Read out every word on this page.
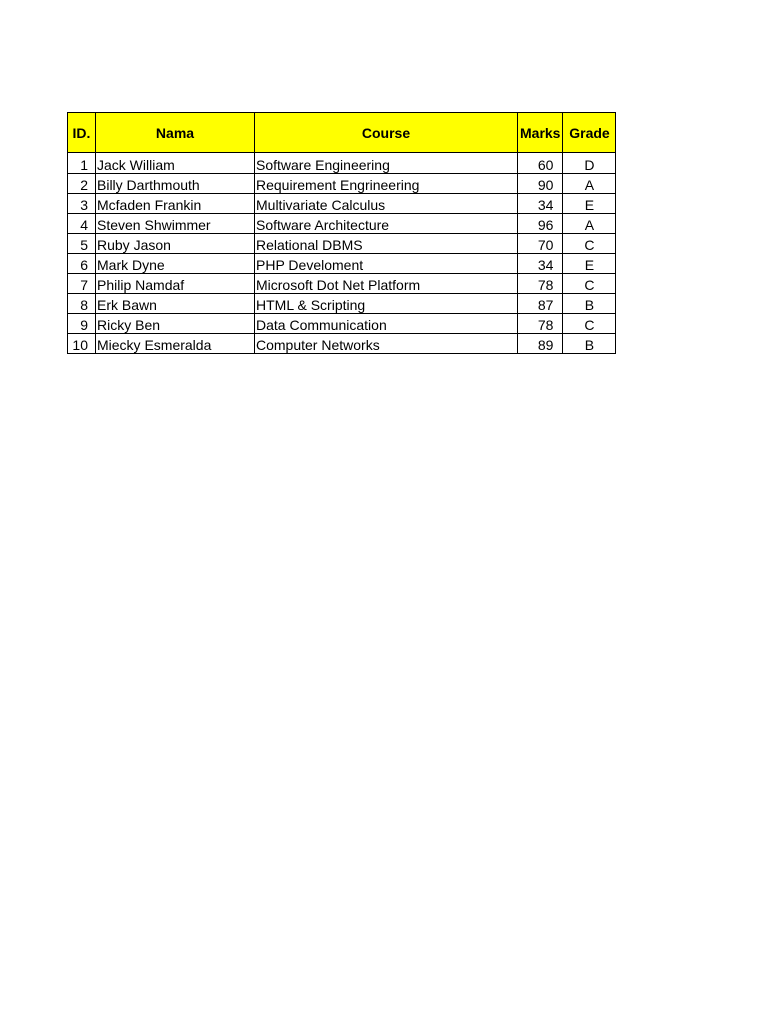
ID.	Nama	Course	Marks	Grade
1	Jack William	Software Engineering	60	D
2	Billy Darthmouth	Requirement Engrineering	90	A
3	Mcfaden Frankin	Multivariate Calculus	34	E
4	Steven Shwimmer	Software Architecture	96	A
5	Ruby Jason	Relational DBMS	70	C
6	Mark Dyne	PHP Develoment	34	E
7	Philip Namdaf	Microsoft Dot Net Platform	78	C
8	Erk Bawn	HTML & Scripting	87	B
9	Ricky Ben	Data Communication	78	C
10	Miecky Esmeralda	Computer Networks	89	B
